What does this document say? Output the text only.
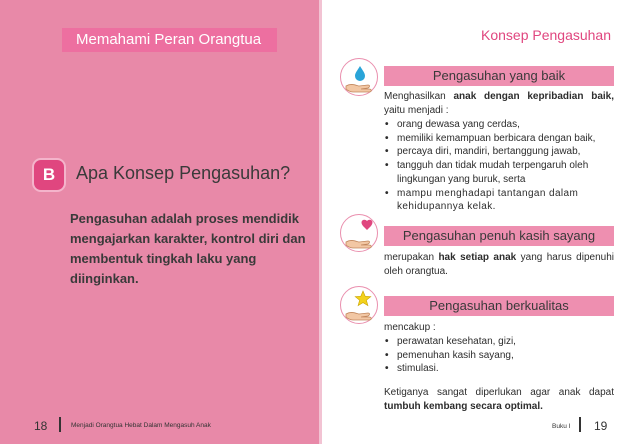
Memahami Peran Orangtua
B	Apa Konsep Pengasuhan?
Pengasuhan adalah proses mendidik mengajarkan karakter, kontrol diri dan membentuk tingkah laku yang diinginkan.
18	Menjadi Orangtua Hebat Dalam Mengasuh Anak
Konsep Pengasuhan
Pengasuhan yang baik
Menghasilkan anak dengan kepribadian baik, yaitu menjadi :
• orang dewasa yang cerdas,
• memiliki kemampuan berbicara dengan baik,
• percaya diri, mandiri, bertanggung jawab,
• tangguh dan tidak mudah terpengaruh oleh lingkungan yang buruk, serta
• mampu menghadapi tantangan dalam kehidupannya kelak.
Pengasuhan penuh kasih sayang
merupakan hak setiap anak yang harus dipenuhi oleh orangtua.
Pengasuhan berkualitas
mencakup :
• perawatan kesehatan, gizi,
• pemenuhan kasih sayang,
• stimulasi.
Ketiganya sangat diperlukan agar anak dapat tumbuh kembang secara optimal.
Buku I 19
